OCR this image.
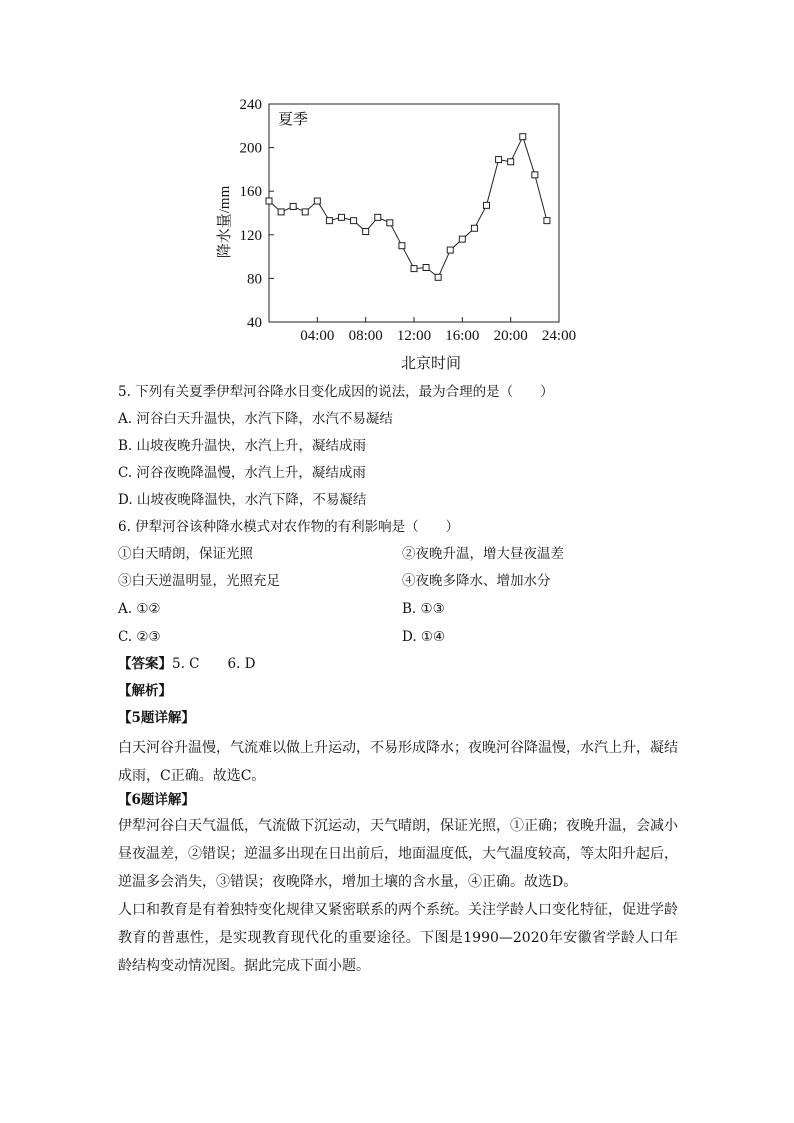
40
80
120
160
200
240
04:00 08:00 12:00 16:00 20:00 24:00
夏季
降水量/mm
北京时间
5. 下列有关夏季伊犁河谷降水日变化成因的说法，最为合理的是（　　）
A. 河谷白天升温快，水汽下降，水汽不易凝结
B. 山坡夜晚升温快，水汽上升，凝结成雨
C. 河谷夜晚降温慢，水汽上升，凝结成雨
D. 山坡夜晚降温快，水汽下降，不易凝结
6. 伊犁河谷该种降水模式对农作物的有利影响是（　　）
①白天晴朗，保证光照	②夜晚升温，增大昼夜温差
③白天逆温明显，光照充足	④夜晚多降水、增加水分
A. ①②	B. ①③
C. ②③	D. ①④
【答案】5. C 6. D
【解析】
【5题详解】
白天河谷升温慢，气流难以做上升运动，不易形成降水；夜晚河谷降温慢，水汽上升，凝结成雨，C正确。故选C。
【6题详解】
伊犁河谷白天气温低，气流做下沉运动，天气晴朗，保证光照，①正确；夜晚升温，会减小昼夜温差，②错误；逆温多出现在日出前后，地面温度低，大气温度较高，等太阳升起后，逆温多会消失，③错误；夜晚降水，增加土壤的含水量，④正确。故选D。
人口和教育是有着独特变化规律又紧密联系的两个系统。关注学龄人口变化特征，促进学龄教育的普惠性，是实现教育现代化的重要途径。下图是1990—2020年安徽省学龄人口年龄结构变动情况图。据此完成下面小题。
